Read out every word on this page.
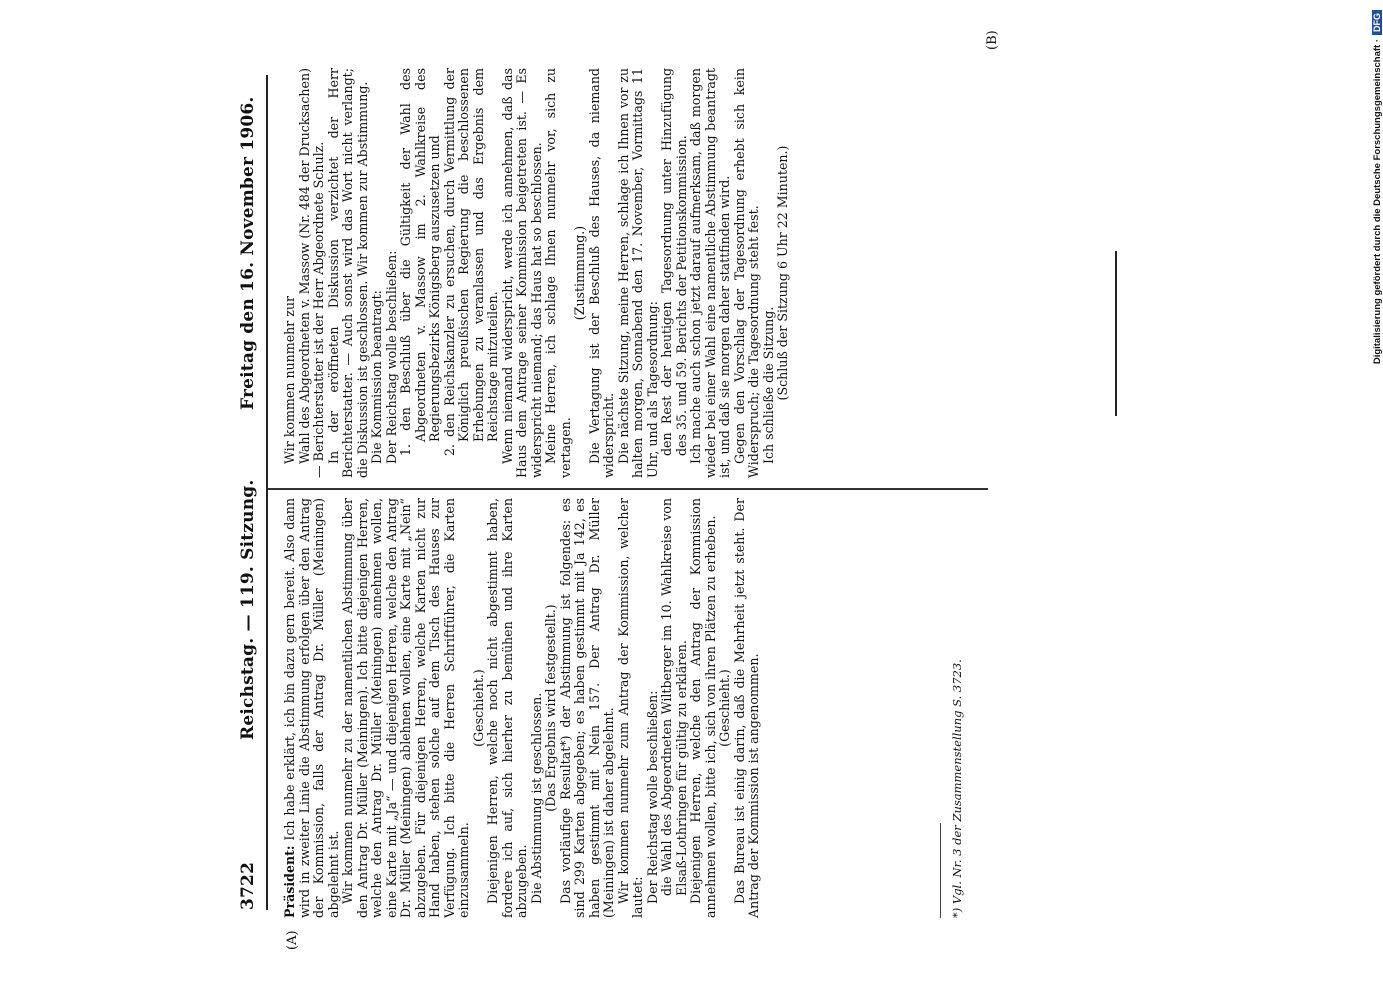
3722
Reichstag. — 119. Sitzung.
Freitag den 16. November 1906.
(A)
(B)

Präsident: Ich habe erklärt, ich bin dazu gern bereit. Also dann wird in zweiter Linie die Abstimmung erfolgen über den Antrag der Kommission, falls der Antrag Dr. Müller (Meiningen) abgelehnt ist. Wir kommen nunmehr zu der namentlichen Abstimmung über den Antrag Dr. Müller (Meiningen). Ich bitte diejenigen Herren, welche den Antrag Dr. Müller (Meiningen) annehmen wollen, eine Karte mit „Ja“ — und diejenigen Herren, welche den Antrag Dr. Müller (Meiningen) ablehnen wollen, eine Karte mit „Nein“ abzugeben. Für diejenigen Herren, welche Karten nicht zur Hand haben, stehen solche auf dem Tisch des Hauses zur Verfügung. Ich bitte die Herren Schriftführer, die Karten einzusammeln.

(Geschieht.) Diejenigen Herren, welche noch nicht abgestimmt haben, fordere ich auf, sich hierher zu bemühen und ihre Karten abzugeben. Die Abstimmung ist geschlossen. (Das Ergebnis wird festgestellt.) Das vorläufige Resultat*) der Abstimmung ist folgendes: es sind 299 Karten abgegeben; es haben gestimmt mit Ja 142, es haben gestimmt mit Nein 157. Der Antrag Dr. Müller (Meiningen) ist daher abgelehnt. Wir kommen nunmehr zum Antrag der Kommission, welcher lautet: Der Reichstag wolle beschließen: die Wahl des Abgeordneten Wiltberger im 10. Wahlkreise von Elsaß-Lothringen für gültig zu erklären. Diejenigen Herren, welche den Antrag der Kommission annehmen wollen, bitte ich, sich von ihren Plätzen zu erheben. (Geschieht.) Das Bureau ist einig darin, daß die Mehrheit jetzt steht. Der Antrag der Kommission ist angenommen.	*) Vgl. Nr. 3 der Zusammenstellung S. 3723.

Wir kommen nunmehr zur Wahl des Abgeordneten v. Massow (Nr. 484 der Drucksachen) — Berichterstatter ist der Herr Abgeordnete Schulz. In der eröffneten Diskussion verzichtet der Herr Berichterstatter. — Auch sonst wird das Wort nicht verlangt; die Diskussion ist geschlossen. Wir kommen zur Abstimmung. Die Kommission beantragt: Der Reichstag wolle beschließen: 1. den Beschluß über die Gültigkeit der Wahl des Abgeordneten v. Massow im 2. Wahlkreise des Regierungsbezirks Königsberg auszusetzen und 2. den Reichskanzler zu ersuchen, durch Vermittlung der Königlich preußischen Regierung die beschlossenen Erhebungen zu veranlassen und das Ergebnis dem Reichstage mitzuteilen. Wenn niemand widerspricht, werde ich annehmen, daß das Haus dem Antrage seiner Kommission beigetreten ist. — Es widerspricht niemand; das Haus hat so beschlossen. Meine Herren, ich schlage Ihnen nunmehr vor, sich zu vertagen.

(Zustimmung.) Die Vertagung ist der Beschluß des Hauses, da niemand widerspricht. Die nächste Sitzung, meine Herren, schlage ich Ihnen vor zu halten morgen, Sonnabend den 17. November, Vormittags 11 Uhr, und als Tagesordnung: den Rest der heutigen Tagesordnung unter Hinzufügung des 35. und 59. Berichts der Petitionskommission. Ich mache auch schon jetzt darauf aufmerksam, daß morgen wieder bei einer Wahl eine namentliche Abstimmung beantragt ist, und daß sie morgen daher stattfinden wird. Gegen den Vorschlag der Tagesordnung erhebt sich kein Widerspruch; die Tagesordnung steht fest. Ich schließe die Sitzung. (Schluß der Sitzung 6 Uhr 22 Minuten.)	Digitalisierung gefördert durch die Deutsche Forschungsgemeinschaft ·DFG
